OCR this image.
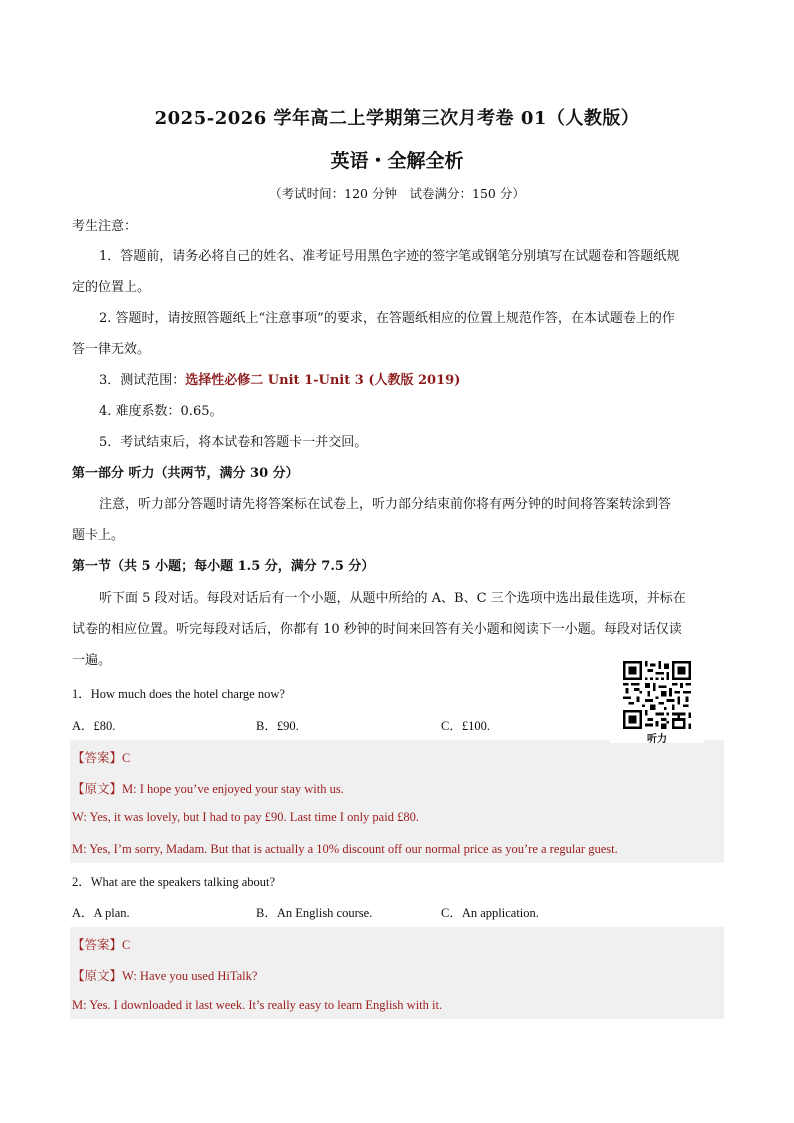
2025-2026 学年高二上学期第三次月考卷 01（人教版）
英语・全解全析
（考试时间：120 分钟　试卷满分：150 分）
考生注意：
1．答题前，请务必将自己的姓名、准考证号用黑色字迹的签字笔或钢笔分别填写在试题卷和答题纸规
定的位置上。
2. 答题时，请按照答题纸上“注意事项”的要求，在答题纸相应的位置上规范作答，在本试题卷上的作
答一律无效。
3．测试范围：选择性必修二 Unit 1-Unit 3 (人教版 2019)
4. 难度系数：0.65。
5．考试结束后，将本试卷和答题卡一并交回。
第一部分 听力（共两节，满分 30 分）
注意，听力部分答题时请先将答案标在试卷上，听力部分结束前你将有两分钟的时间将答案转涂到答
题卡上。
第一节（共 5 小题；每小题 1.5 分，满分 7.5 分）
听下面 5 段对话。每段对话后有一个小题，从题中所给的 A、B、C 三个选项中选出最佳选项，并标在
试卷的相应位置。听完每段对话后，你都有 10 秒钟的时间来回答有关小题和阅读下一小题。每段对话仅读
一遍。
1．How much does the hotel charge now?
A．£80.	B．£90.	C．£100.
【答案】C
【原文】M: I hope you’ve enjoyed your stay with us.
W: Yes, it was lovely, but I had to pay £90. Last time I only paid £80.
M: Yes, I’m sorry, Madam. But that is actually a 10% discount off our normal price as you’re a regular guest.
听力
2．What are the speakers talking about?
A．A plan.	B．An English course.	C．An application.
【答案】C
【原文】W: Have you used HiTalk?
M: Yes. I downloaded it last week. It’s really easy to learn English with it.
